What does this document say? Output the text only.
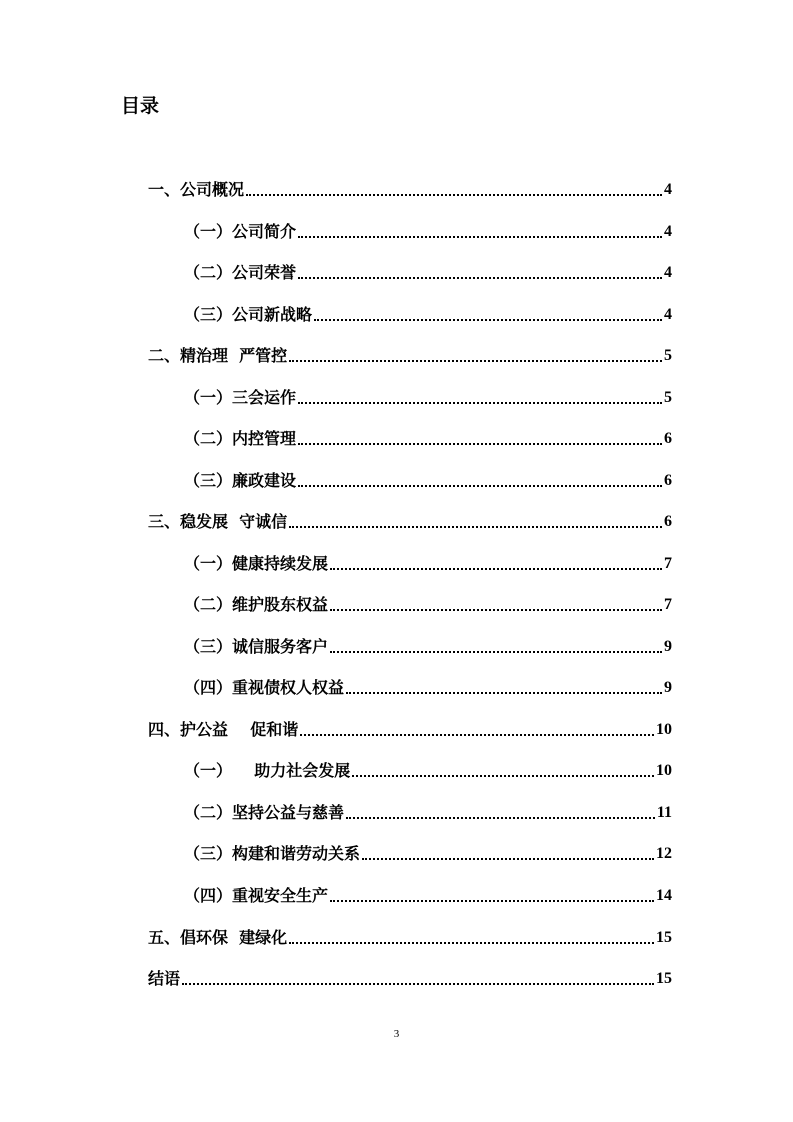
目录
一、公司概况	4
（一）公司简介	4
（二）公司荣誉	4
（三）公司新战略	4
二、精治理  严管控	5
（一）三会运作	5
（二）内控管理	6
（三）廉政建设	6
三、稳发展  守诚信	6
（一）健康持续发展	7
（二）维护股东权益	7
（三）诚信服务客户	9
（四）重视债权人权益	9
四、护公益    促和谐	10
（一）    助力社会发展	10
（二）坚持公益与慈善	11
（三）构建和谐劳动关系	12
（四）重视安全生产	14
五、倡环保  建绿化	15
结语	15
3
